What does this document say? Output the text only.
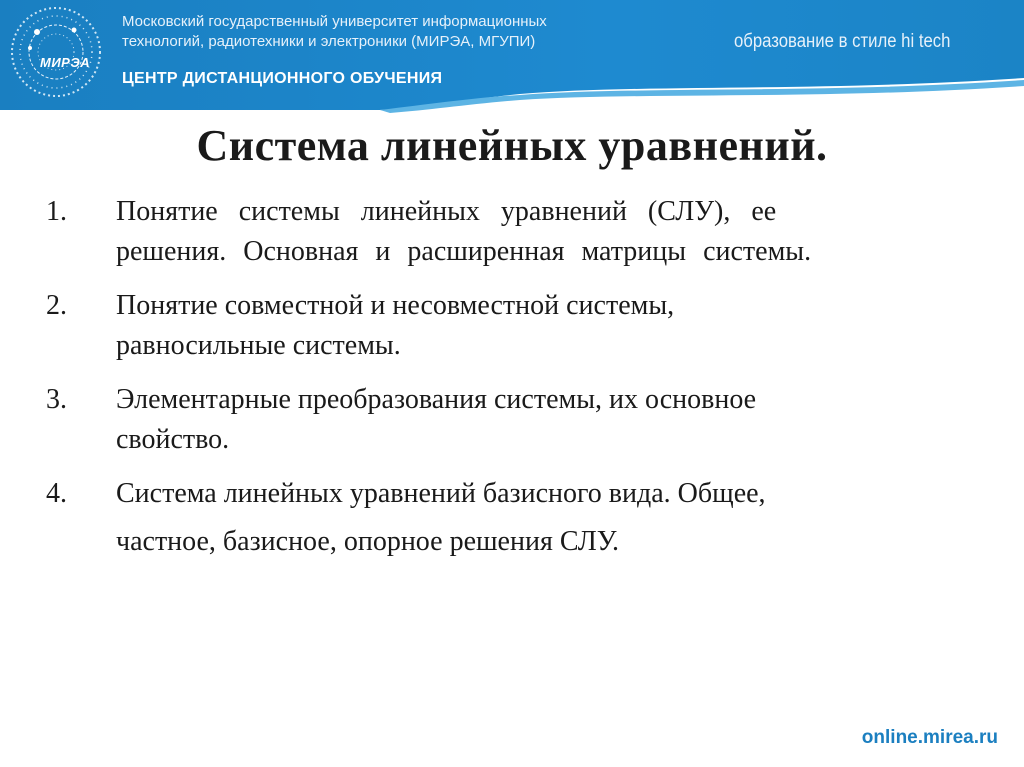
МИРЭА
Московский государственный университет информационных
технологий, радиотехники и электроники (МИРЭА, МГУПИ)
ЦЕНТР ДИСТАНЦИОННОГО ОБУЧЕНИЯ
образование в стиле hi tech
Система линейных уравнений.
1. Понятие системы линейных уравнений (СЛУ), ее
решения. Основная и расширенная матрицы системы.
2. Понятие совместной и несовместной системы,
равносильные системы.
3. Элементарные преобразования системы, их основное
свойство.
4. Система линейных уравнений базисного вида. Общее,
частное, базисное, опорное решения СЛУ.
online.mirea.ru
